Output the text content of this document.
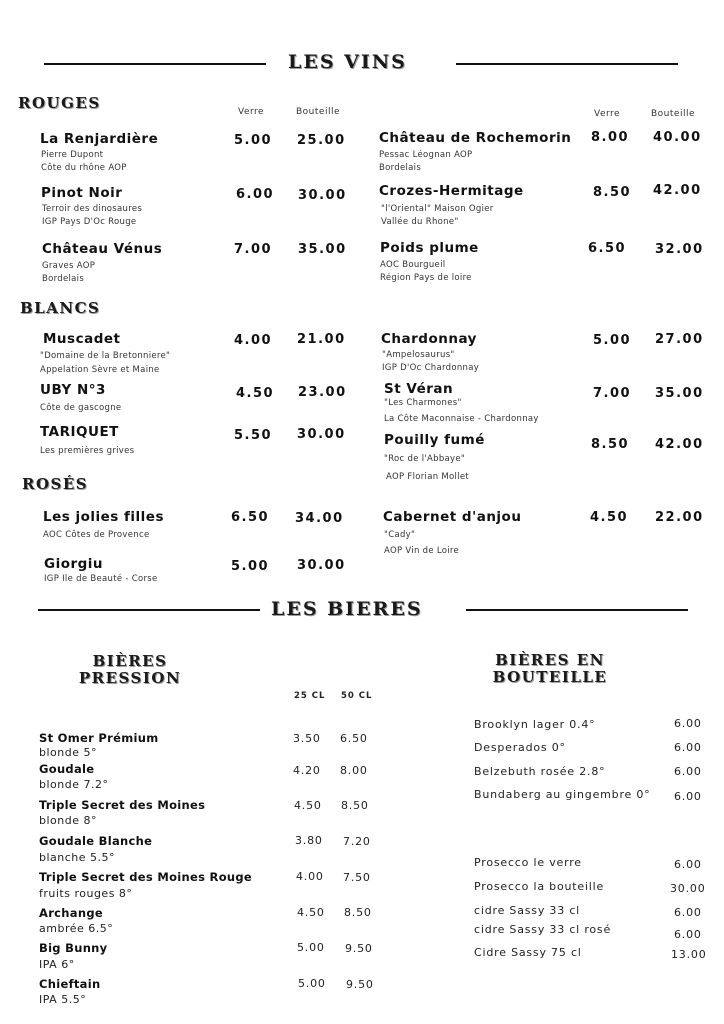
LES VINS
ROUGES	Verre	Bouteille	Verre	Bouteille
La Renjardière
Pierre Dupont
Côte du rhône AOP
5.00 25.00
Pinot Noir
Terroir des dinosaures
IGP Pays D'Oc Rouge
6.00 30.00
Château Vénus
Graves AOP
Bordelais
7.00 35.00
Château de Rochemorin
Pessac Léognan AOP
Bordelais
8.00 40.00
Crozes-Hermitage
"l'Oriental" Maison Ogier
Vallée du Rhone"
8.50 42.00
Poids plume
AOC Bourgueil
Région Pays de loire
6.50 32.00
BLANCS
Muscadet
"Domaine de la Bretonniere"
Appelation Sèvre et Maine
4.00 21.00
UBY N°3
Côte de gascogne
4.50 23.00
TARIQUET
Les premières grives
5.50 30.00
Chardonnay
"Ampelosaurus"
IGP D'Oc Chardonnay
5.00 27.00
St Véran
"Les Charmones"
La Côte Maconnaise - Chardonnay
7.00 35.00
Pouilly fumé
"Roc de l'Abbaye"
AOP Florian Mollet
8.50 42.00
ROSÉS
Les jolies filles
AOC Côtes de Provence
6.50 34.00
Giorgiu
IGP Ile de Beauté - Corse
5.00 30.00
Cabernet d'anjou
"Cady"
AOP Vin de Loire
4.50 22.00
LES BIERES
BIÈRES
PRESSION
25 CL 50 CL
St Omer Prémium
blonde 5°
3.50 6.50
Goudale
blonde 7.2°
4.20 8.00
Triple Secret des Moines
blonde 8°
4.50 8.50
Goudale Blanche
blanche 5.5°
3.80 7.20
Triple Secret des Moines Rouge
fruits rouges 8°
4.00 7.50
Archange
ambrée 6.5°
4.50 8.50
Big Bunny
IPA 6°
5.00 9.50
Chieftain
IPA 5.5°
5.00 9.50
BIÈRES EN
BOUTEILLE
Brooklyn lager 0.4°	6.00
Desperados 0°	6.00
Belzebuth rosée 2.8°	6.00
Bundaberg au gingembre 0° 6.00
Prosecco le verre	6.00
Prosecco la bouteille	30.00
cidre Sassy 33 cl	6.00
cidre Sassy 33 cl rosé	6.00
Cidre Sassy 75 cl	13.00
